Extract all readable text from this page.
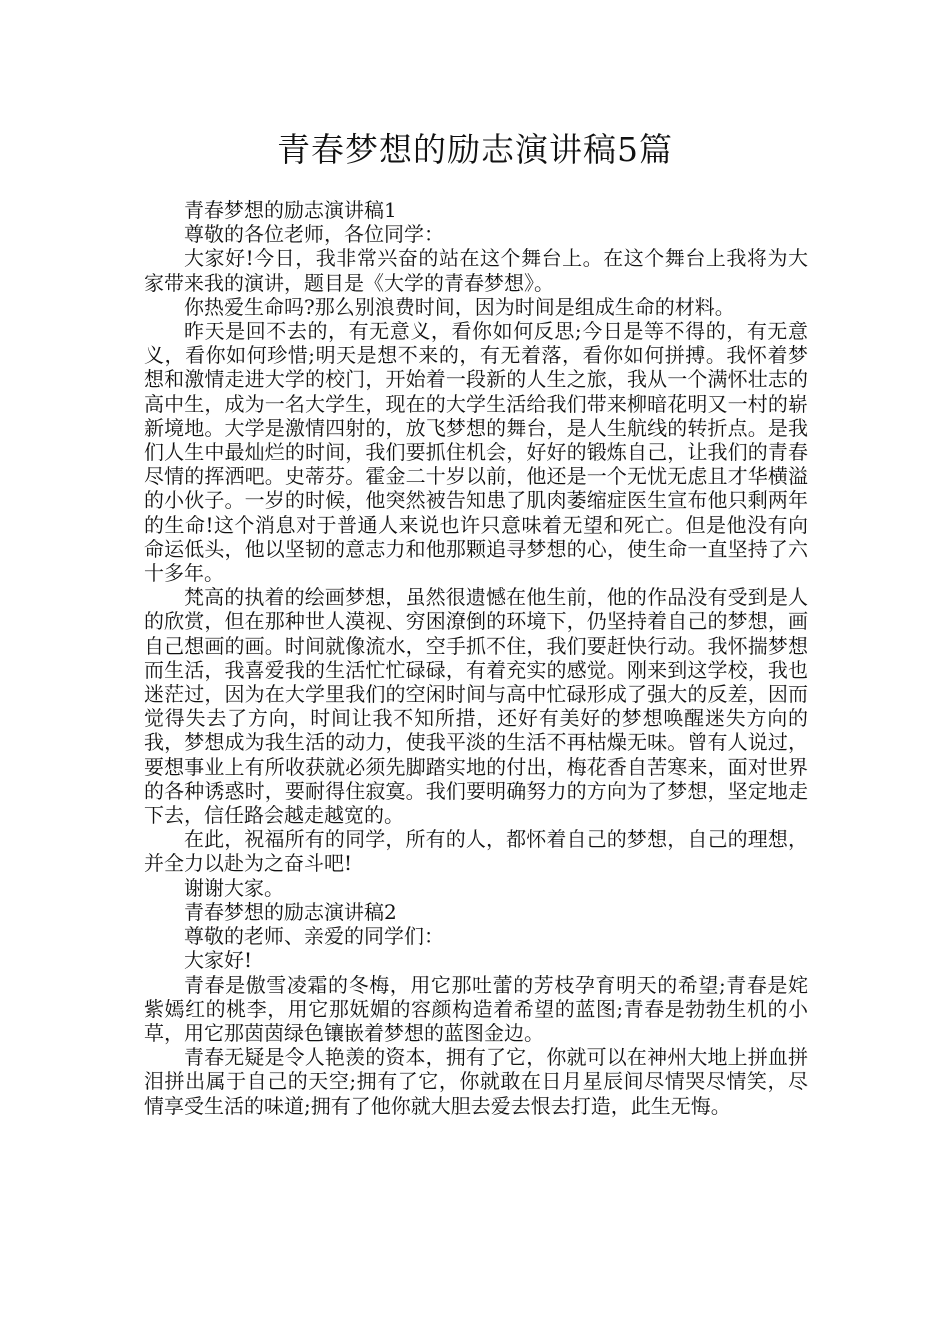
青春梦想的励志演讲稿5篇

青春梦想的励志演讲稿1

尊敬的各位老师，各位同学：

大家好!今日，我非常兴奋的站在这个舞台上。在这个舞台上我将为大家带来我的演讲，题目是《大学的青春梦想》。

你热爱生命吗?那么别浪费时间，因为时间是组成生命的材料。

昨天是回不去的，有无意义，看你如何反思;今日是等不得的，有无意义，看你如何珍惜;明天是想不来的，有无着落，看你如何拼搏。我怀着梦想和激情走进大学的校门，开始着一段新的人生之旅，我从一个满怀壮志的高中生，成为一名大学生，现在的大学生活给我们带来柳暗花明又一村的崭新境地。大学是激情四射的，放飞梦想的舞台，是人生航线的转折点。是我们人生中最灿烂的时间，我们要抓住机会，好好的锻炼自己，让我们的青春尽情的挥洒吧。史蒂芬。霍金二十岁以前，他还是一个无忧无虑且才华横溢的小伙子。一岁的时候，他突然被告知患了肌肉萎缩症医生宣布他只剩两年的生命!这个消息对于普通人来说也许只意味着无望和死亡。但是他没有向命运低头，他以坚韧的意志力和他那颗追寻梦想的心，使生命一直坚持了六十多年。

梵高的执着的绘画梦想，虽然很遗憾在他生前，他的作品没有受到是人的欣赏，但在那种世人漠视、穷困潦倒的环境下，仍坚持着自己的梦想，画自己想画的画。时间就像流水，空手抓不住，我们要赶快行动。我怀揣梦想而生活，我喜爱我的生活忙忙碌碌，有着充实的感觉。刚来到这学校，我也迷茫过，因为在大学里我们的空闲时间与高中忙碌形成了强大的反差，因而觉得失去了方向，时间让我不知所措，还好有美好的梦想唤醒迷失方向的我，梦想成为我生活的动力，使我平淡的生活不再枯燥无味。曾有人说过，要想事业上有所收获就必须先脚踏实地的付出，梅花香自苦寒来，面对世界的各种诱惑时，要耐得住寂寞。我们要明确努力的方向为了梦想，坚定地走下去，信任路会越走越宽的。

在此，祝福所有的同学，所有的人，都怀着自己的梦想，自己的理想，并全力以赴为之奋斗吧!

谢谢大家。

青春梦想的励志演讲稿2

尊敬的老师、亲爱的同学们：

大家好!

青春是傲雪凌霜的冬梅，用它那吐蕾的芳枝孕育明天的希望;青春是姹紫嫣红的桃李，用它那妩媚的容颜构造着希望的蓝图;青春是勃勃生机的小草，用它那茵茵绿色镶嵌着梦想的蓝图金边。

青春无疑是令人艳羡的资本，拥有了它，你就可以在神州大地上拼血拼泪拼出属于自己的天空;拥有了它，你就敢在日月星辰间尽情哭尽情笑，尽情享受生活的味道;拥有了他你就大胆去爱去恨去打造，此生无悔。
